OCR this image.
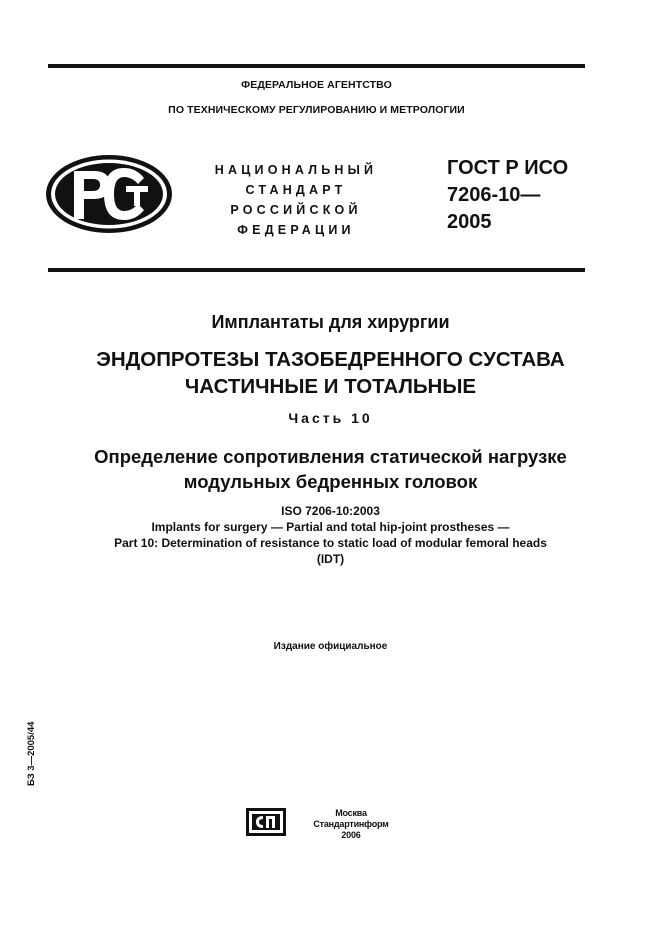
ФЕДЕРАЛЬНОЕ АГЕНТСТВО
ПО ТЕХНИЧЕСКОМУ РЕГУЛИРОВАНИЮ И МЕТРОЛОГИИ
НАЦИОНАЛЬНЫЙ
СТАНДАРТ
РОССИЙСКОЙ
ФЕДЕРАЦИИ
ГОСТ Р ИСО
7206-10—
2005
Имплантаты для хирургии
ЭНДОПРОТЕЗЫ ТАЗОБЕДРЕННОГО СУСТАВА
ЧАСТИЧНЫЕ И ТОТАЛЬНЫЕ
Часть 10
Определение сопротивления статической нагрузке
модульных бедренных головок
ISO 7206-10:2003
Implants for surgery — Partial and total hip-joint prostheses —
Part 10: Determination of resistance to static load of modular femoral heads
(IDT)
Издание официальное
БЗ 3—2005/44
Москва
Стандартинформ
2006
